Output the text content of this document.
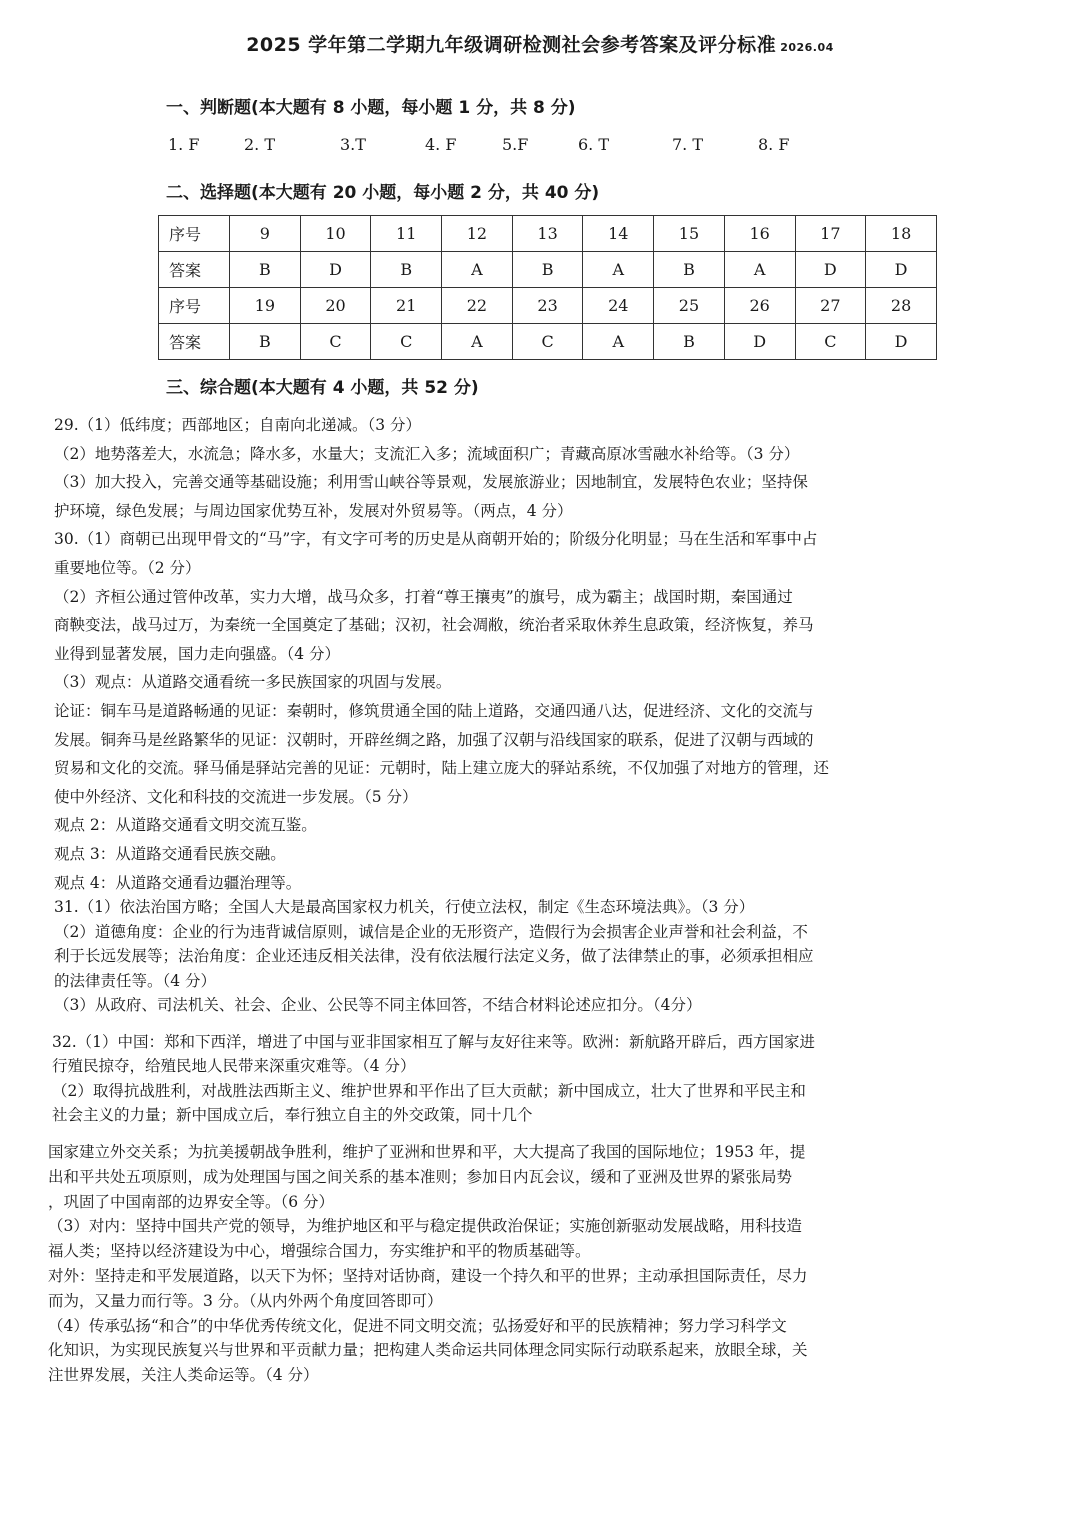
2025 学年第二学期九年级调研检测社会参考答案及评分标准 2026.04
一、判断题(本大题有 8 小题，每小题 1 分，共 8 分)
1. F	2. T	3.T	4. F	5.F	6. T	7. T	8. F
二、选择题(本大题有 20 小题，每小题 2 分，共 40 分)
序号	9	10	11	12	13	14	15	16	17	18
答案	B	D	B	A	B	A	B	A	D	D
序号	19	20	21	22	23	24	25	26	27	28
答案	B	C	C	A	C	A	B	D	C	D
三、综合题(本大题有 4 小题，共 52 分)

29.（1）低纬度；西部地区；自南向北递减。（3 分）

（2）地势落差大，水流急；降水多，水量大；支流汇入多；流域面积广；青藏高原冰雪融水补给等。（3 分）

（3）加大投入，完善交通等基础设施；利用雪山峡谷等景观，发展旅游业；因地制宜，发展特色农业；坚持保

护环境，绿色发展；与周边国家优势互补，发展对外贸易等。（两点，4 分）

30.（1）商朝已出现甲骨文的“马”字，有文字可考的历史是从商朝开始的；阶级分化明显；马在生活和军事中占

重要地位等。（2 分）

（2）齐桓公通过管仲改革，实力大增，战马众多，打着“尊王攘夷”的旗号，成为霸主；战国时期，秦国通过

商鞅变法，战马过万，为秦统一全国奠定了基础；汉初，社会凋敝，统治者采取休养生息政策，经济恢复，养马

业得到显著发展，国力走向强盛。（4 分）

（3）观点：从道路交通看统一多民族国家的巩固与发展。

论证：铜车马是道路畅通的见证：秦朝时，修筑贯通全国的陆上道路，交通四通八达，促进经济、文化的交流与

发展。铜奔马是丝路繁华的见证：汉朝时，开辟丝绸之路，加强了汉朝与沿线国家的联系，促进了汉朝与西域的

贸易和文化的交流。驿马俑是驿站完善的见证：元朝时，陆上建立庞大的驿站系统，不仅加强了对地方的管理，还

使中外经济、文化和科技的交流进一步发展。（5 分）

观点 2：从道路交通看文明交流互鉴。

观点 3：从道路交通看民族交融。

观点 4：从道路交通看边疆治理等。

31.（1）依法治国方略；全国人大是最高国家权力机关，行使立法权，制定《生态环境法典》。（3 分）

（2）道德角度：企业的行为违背诚信原则，诚信是企业的无形资产，造假行为会损害企业声誉和社会利益，不

利于长远发展等；法治角度：企业还违反相关法律，没有依法履行法定义务，做了法律禁止的事，必须承担相应

的法律责任等。（4 分）

（3）从政府、司法机关、社会、企业、公民等不同主体回答，不结合材料论述应扣分。（4分）

32.（1）中国：郑和下西洋，增进了中国与亚非国家相互了解与友好往来等。欧洲：新航路开辟后，西方国家进

行殖民掠夺，给殖民地人民带来深重灾难等。（4 分）

（2）取得抗战胜利，对战胜法西斯主义、维护世界和平作出了巨大贡献；新中国成立，壮大了世界和平民主和

社会主义的力量；新中国成立后，奉行独立自主的外交政策，同十几个

国家建立外交关系；为抗美援朝战争胜利，维护了亚洲和世界和平，大大提高了我国的国际地位；1953 年，提

出和平共处五项原则，成为处理国与国之间关系的基本准则；参加日内瓦会议，缓和了亚洲及世界的紧张局势

，巩固了中国南部的边界安全等。（6 分）

（3）对内：坚持中国共产党的领导，为维护地区和平与稳定提供政治保证；实施创新驱动发展战略，用科技造

福人类；坚持以经济建设为中心，增强综合国力，夯实维护和平的物质基础等。

对外：坚持走和平发展道路，以天下为怀；坚持对话协商，建设一个持久和平的世界；主动承担国际责任，尽力

而为，又量力而行等。3 分。（从内外两个角度回答即可）

（4）传承弘扬“和合”的中华优秀传统文化，促进不同文明交流；弘扬爱好和平的民族精神；努力学习科学文

化知识，为实现民族复兴与世界和平贡献力量；把构建人类命运共同体理念同实际行动联系起来，放眼全球，关

注世界发展，关注人类命运等。（4 分）
